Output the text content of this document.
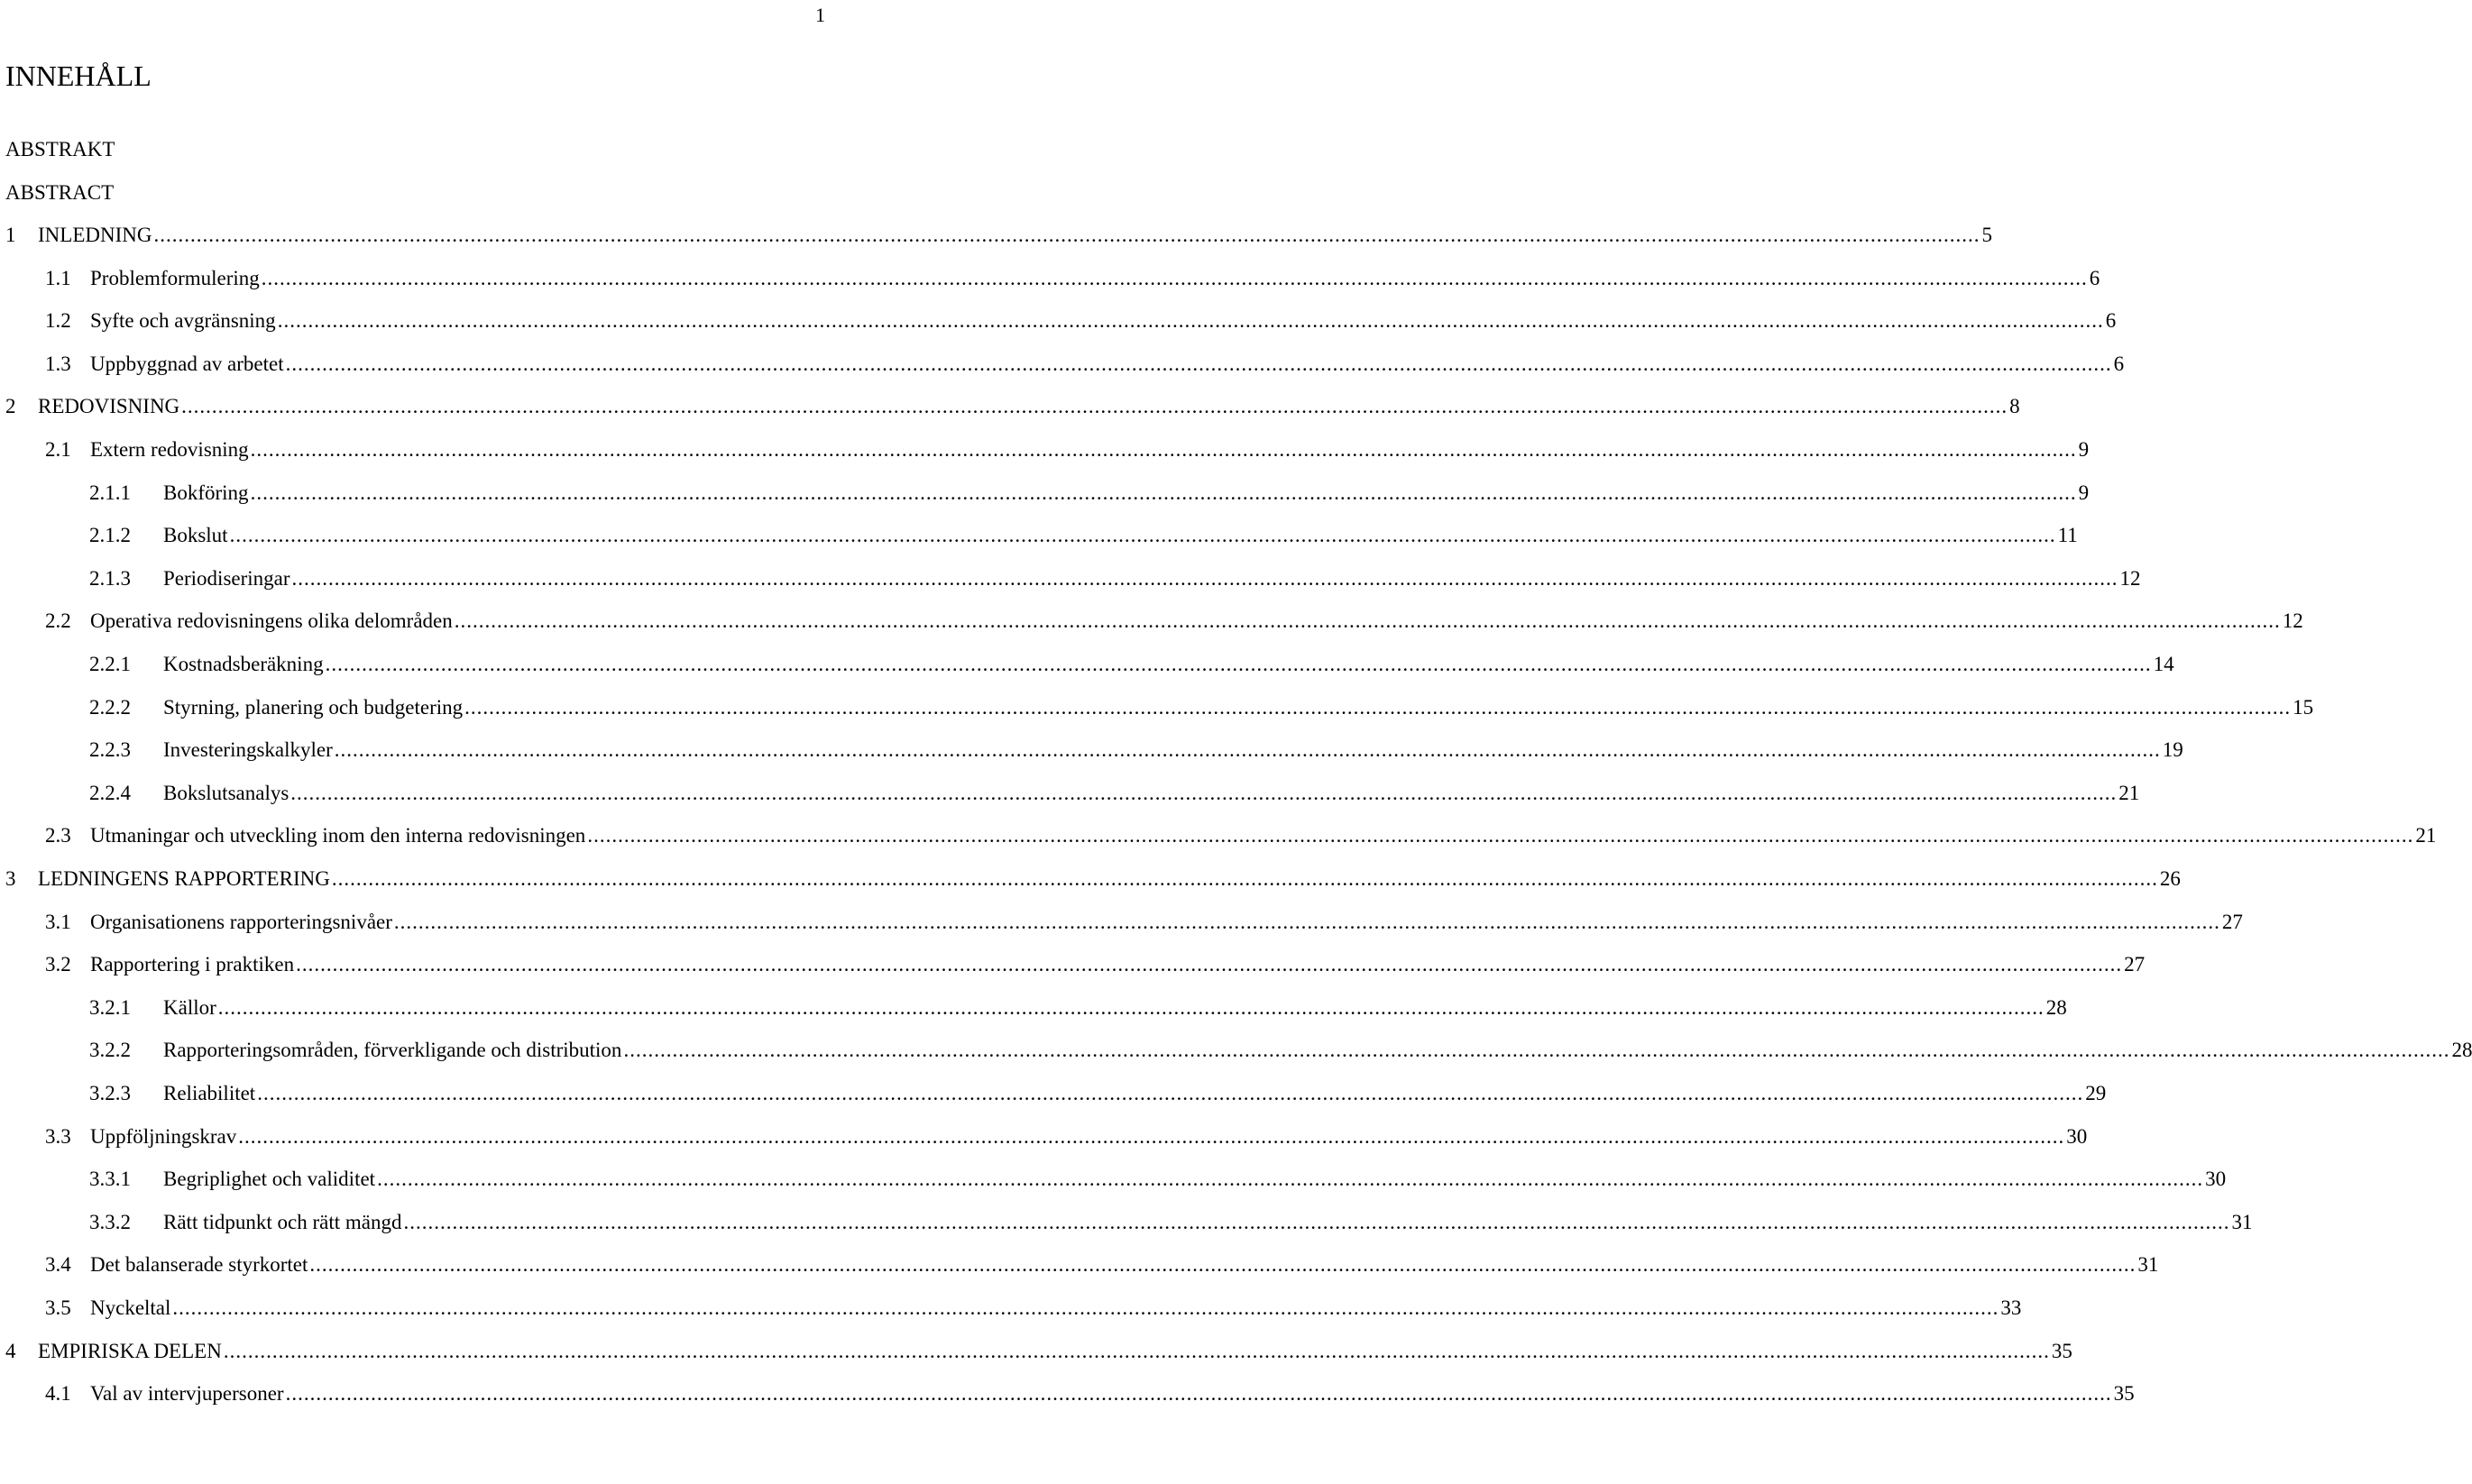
1
INNEHÅLL
ABSTRAKT
ABSTRACT
1	INLEDNING ............................................................................................................................................................................................................................................................................................................ 5
1.1 Problemformulering ............................................................................................................................................................................................................................................................................................................ 6
1.2 Syfte och avgränsning ............................................................................................................................................................................................................................................................................................................ 6
1.3 Uppbyggnad av arbetet ............................................................................................................................................................................................................................................................................................................ 6
2	REDOVISNING ............................................................................................................................................................................................................................................................................................................ 8
2.1 Extern redovisning ............................................................................................................................................................................................................................................................................................................ 9
2.1.1	Bokföring ............................................................................................................................................................................................................................................................................................................ 9
2.1.2	Bokslut ............................................................................................................................................................................................................................................................................................................ 11
2.1.3	Periodiseringar ............................................................................................................................................................................................................................................................................................................ 12
2.2 Operativa redovisningens olika delområden ............................................................................................................................................................................................................................................................................................................ 12
2.2.1	Kostnadsberäkning ............................................................................................................................................................................................................................................................................................................ 14
2.2.2	Styrning, planering och budgetering ............................................................................................................................................................................................................................................................................................................ 15
2.2.3	Investeringskalkyler ............................................................................................................................................................................................................................................................................................................ 19
2.2.4	Bokslutsanalys ............................................................................................................................................................................................................................................................................................................ 21
2.3 Utmaningar och utveckling inom den interna redovisningen ............................................................................................................................................................................................................................................................................................................ 21
3	LEDNINGENS RAPPORTERING ............................................................................................................................................................................................................................................................................................................ 26
3.1 Organisationens rapporteringsnivåer ............................................................................................................................................................................................................................................................................................................ 27
3.2 Rapportering i praktiken ............................................................................................................................................................................................................................................................................................................ 27
3.2.1	Källor ............................................................................................................................................................................................................................................................................................................ 28
3.2.2	Rapporteringsområden, förverkligande och distribution ............................................................................................................................................................................................................................................................................................................ 28
3.2.3	Reliabilitet ............................................................................................................................................................................................................................................................................................................ 29
3.3 Uppföljningskrav ............................................................................................................................................................................................................................................................................................................ 30
3.3.1	Begriplighet och validitet ............................................................................................................................................................................................................................................................................................................ 30
3.3.2	Rätt tidpunkt och rätt mängd ............................................................................................................................................................................................................................................................................................................ 31
3.4 Det balanserade styrkortet ............................................................................................................................................................................................................................................................................................................ 31
3.5 Nyckeltal ............................................................................................................................................................................................................................................................................................................ 33
4	EMPIRISKA DELEN ............................................................................................................................................................................................................................................................................................................ 35
4.1 Val av intervjupersoner ............................................................................................................................................................................................................................................................................................................ 35
